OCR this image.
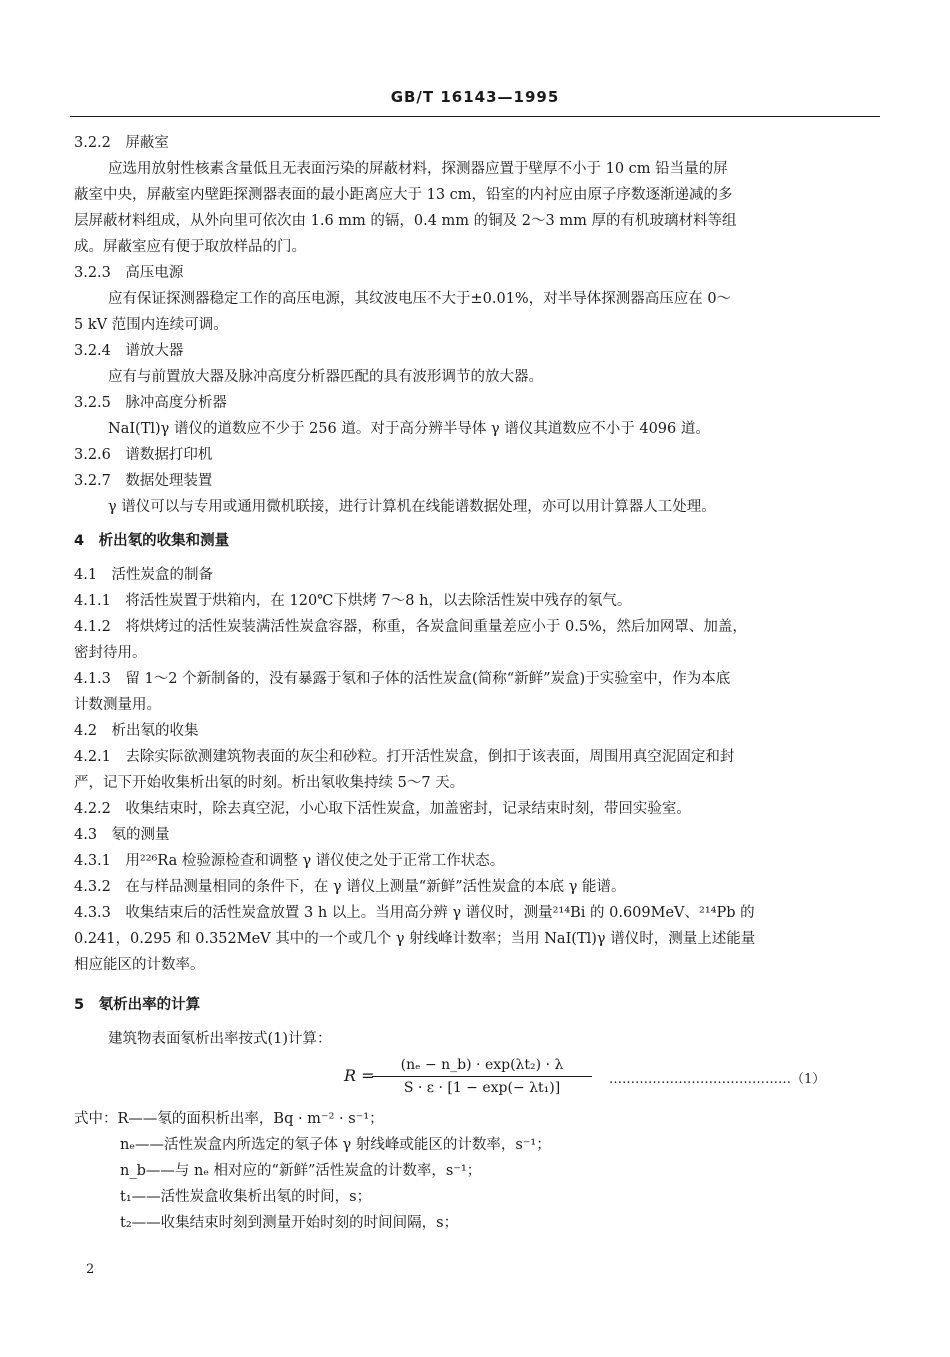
GB/T 16143—1995
3.2.2　屏蔽室
应选用放射性核素含量低且无表面污染的屏蔽材料，探测器应置于壁厚不小于 10 cm 铅当量的屏
蔽室中央，屏蔽室内壁距探测器表面的最小距离应大于 13 cm，铅室的内衬应由原子序数逐渐递减的多
层屏蔽材料组成，从外向里可依次由 1.6 mm 的镉，0.4 mm 的铜及 2～3 mm 厚的有机玻璃材料等组
成。屏蔽室应有便于取放样品的门。
3.2.3　高压电源
应有保证探测器稳定工作的高压电源，其纹波电压不大于±0.01%，对半导体探测器高压应在 0～
5 kV 范围内连续可调。
3.2.4　谱放大器
应有与前置放大器及脉冲高度分析器匹配的具有波形调节的放大器。
3.2.5　脉冲高度分析器
NaI(Tl)γ 谱仪的道数应不少于 256 道。对于高分辨半导体 γ 谱仪其道数应不小于 4096 道。
3.2.6　谱数据打印机
3.2.7　数据处理装置
γ 谱仪可以与专用或通用微机联接，进行计算机在线能谱数据处理，亦可以用计算器人工处理。
4　析出氡的收集和测量
4.1　活性炭盒的制备
4.1.1　将活性炭置于烘箱内，在 120℃下烘烤 7～8 h，以去除活性炭中残存的氡气。
4.1.2　将烘烤过的活性炭装满活性炭盒容器，称重，各炭盒间重量差应小于 0.5%，然后加网罩、加盖，
密封待用。
4.1.3　留 1～2 个新制备的，没有暴露于氡和子体的活性炭盒(简称“新鲜”炭盒)于实验室中，作为本底
计数测量用。
4.2　析出氡的收集
4.2.1　去除实际欲测建筑物表面的灰尘和砂粒。打开活性炭盒，倒扣于该表面，周围用真空泥固定和封
严，记下开始收集析出氡的时刻。析出氡收集持续 5～7 天。
4.2.2　收集结束时，除去真空泥，小心取下活性炭盒，加盖密封，记录结束时刻，带回实验室。
4.3　氡的测量
4.3.1　用²²⁶Ra 检验源检查和调整 γ 谱仪使之处于正常工作状态。
4.3.2　在与样品测量相同的条件下，在 γ 谱仪上测量“新鲜”活性炭盒的本底 γ 能谱。
4.3.3　收集结束后的活性炭盒放置 3 h 以上。当用高分辨 γ 谱仪时，测量²¹⁴Bi 的 0.609MeV、²¹⁴Pb 的
0.241，0.295 和 0.352MeV 其中的一个或几个 γ 射线峰计数率；当用 NaI(Tl)γ 谱仪时，测量上述能量
相应能区的计数率。
5　氡析出率的计算
建筑物表面氡析出率按式(1)计算：
R =
$\frac{\text{(nₑ − n\_b) · exp(λt₂) · λ}}{\text{S · ε · [1 − exp(− λt₁)]}}$ ……………………………………（1）
式中：R——氡的面积析出率，Bq · m⁻² · s⁻¹；
nₑ——活性炭盒内所选定的氡子体 γ 射线峰或能区的计数率，s⁻¹；
n_b——与 nₑ 相对应的“新鲜”活性炭盒的计数率，s⁻¹；
t₁——活性炭盒收集析出氡的时间，s；
t₂——收集结束时刻到测量开始时刻的时间间隔，s；
2
